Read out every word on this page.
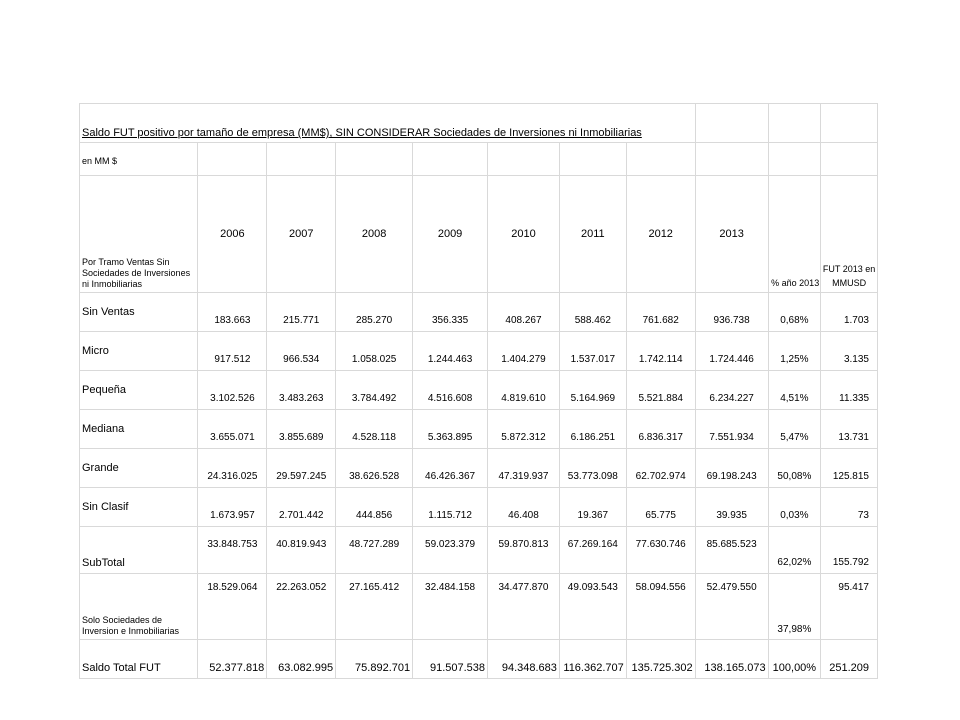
Saldo FUT positivo por tamaño de empresa (MM$), SIN CONSIDERAR Sociedades de Inversiones ni Inmobiliarias										
en MM $										
Por Tramo Ventas Sin Sociedades de Inversiones ni Inmobiliarias	2006	2007	2008	2009	2010	2011	2012	2013	% año 2013	FUT 2013 en MMUSD
Sin Ventas	183.663	215.771	285.270	356.335	408.267	588.462	761.682	936.738	0,68%	1.703
Micro	917.512	966.534	1.058.025	1.244.463	1.404.279	1.537.017	1.742.114	1.724.446	1,25%	3.135
Pequeña	3.102.526	3.483.263	3.784.492	4.516.608	4.819.610	5.164.969	5.521.884	6.234.227	4,51%	11.335
Mediana	3.655.071	3.855.689	4.528.118	5.363.895	5.872.312	6.186.251	6.836.317	7.551.934	5,47%	13.731
Grande	24.316.025	29.597.245	38.626.528	46.426.367	47.319.937	53.773.098	62.702.974	69.198.243	50,08%	125.815
Sin Clasif	1.673.957	2.701.442	444.856	1.115.712	46.408	19.367	65.775	39.935	0,03%	73
SubTotal	33.848.753	40.819.943	48.727.289	59.023.379	59.870.813	67.269.164	77.630.746	85.685.523	62,02%	155.792
Solo Sociedades de Inversion e Inmobiliarias	18.529.064	22.263.052	27.165.412	32.484.158	34.477.870	49.093.543	58.094.556	52.479.550	37,98%	95.417
Saldo Total FUT	52.377.818	63.082.995	75.892.701	91.507.538	94.348.683	116.362.707	135.725.302	138.165.073	100,00%	251.209
